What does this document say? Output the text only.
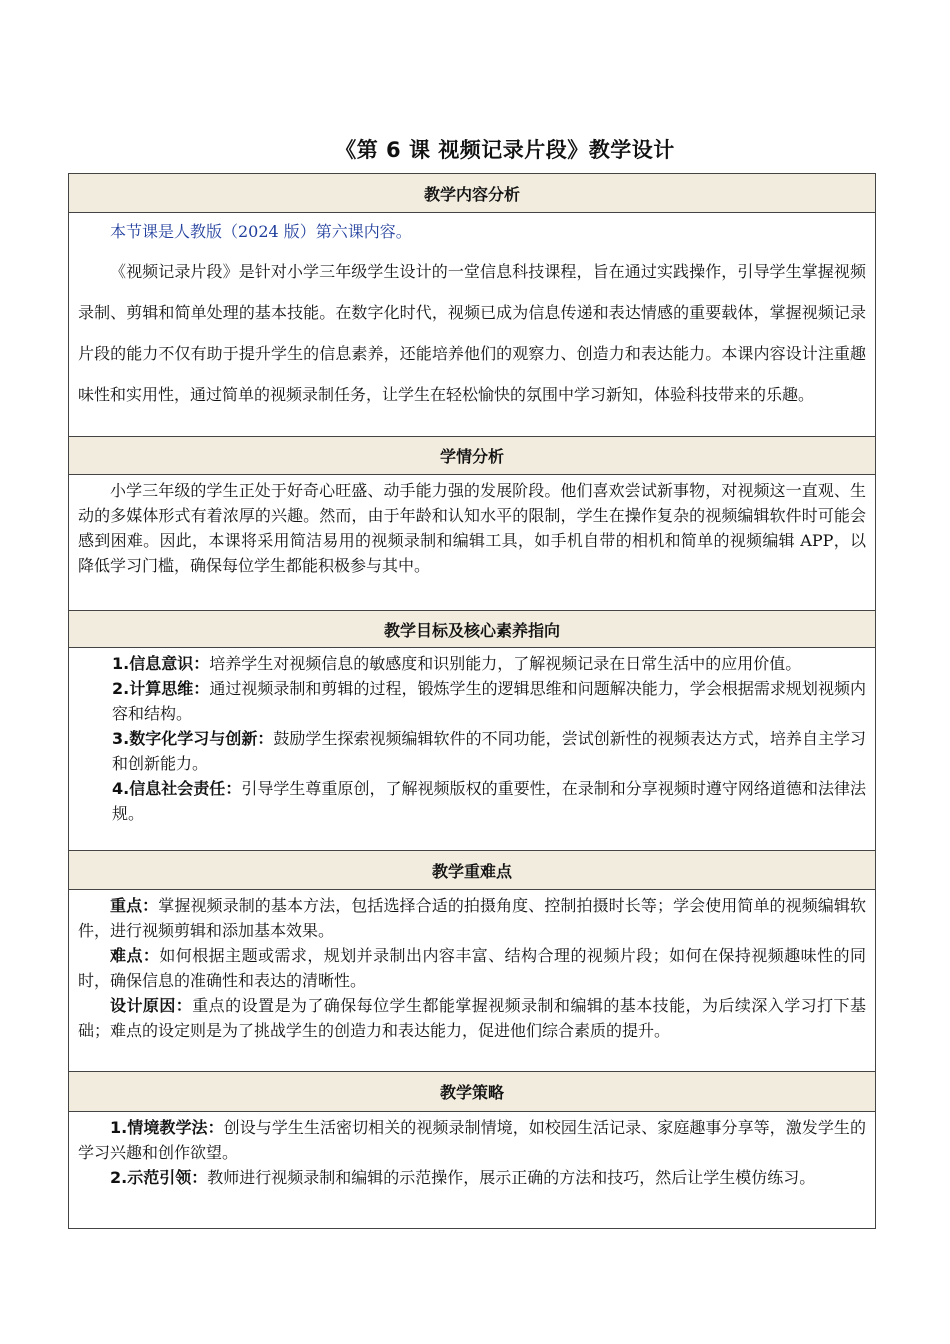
《第 6 课 视频记录片段》教学设计
教学内容分析

本节课是人教版（2024 版）第六课内容。

《视频记录片段》是针对小学三年级学生设计的一堂信息科技课程，旨在通过实践操作，引导学生掌握视频录制、剪辑和简单处理的基本技能。在数字化时代，视频已成为信息传递和表达情感的重要载体，掌握视频记录片段的能力不仅有助于提升学生的信息素养，还能培养他们的观察力、创造力和表达能力。本课内容设计注重趣味性和实用性，通过简单的视频录制任务，让学生在轻松愉快的氛围中学习新知，体验科技带来的乐趣。

学情分析

小学三年级的学生正处于好奇心旺盛、动手能力强的发展阶段。他们喜欢尝试新事物，对视频这一直观、生动的多媒体形式有着浓厚的兴趣。然而，由于年龄和认知水平的限制，学生在操作复杂的视频编辑软件时可能会感到困难。因此，本课将采用简洁易用的视频录制和编辑工具，如手机自带的相机和简单的视频编辑 APP，以降低学习门槛，确保每位学生都能积极参与其中。

教学目标及核心素养指向

1.信息意识：培养学生对视频信息的敏感度和识别能力，了解视频记录在日常生活中的应用价值。

2.计算思维：通过视频录制和剪辑的过程，锻炼学生的逻辑思维和问题解决能力，学会根据需求规划视频内容和结构。

3.数字化学习与创新：鼓励学生探索视频编辑软件的不同功能，尝试创新性的视频表达方式，培养自主学习和创新能力。

4.信息社会责任：引导学生尊重原创，了解视频版权的重要性，在录制和分享视频时遵守网络道德和法律法规。

教学重难点

重点：掌握视频录制的基本方法，包括选择合适的拍摄角度、控制拍摄时长等；学会使用简单的视频编辑软件，进行视频剪辑和添加基本效果。

难点：如何根据主题或需求，规划并录制出内容丰富、结构合理的视频片段；如何在保持视频趣味性的同时，确保信息的准确性和表达的清晰性。

设计原因：重点的设置是为了确保每位学生都能掌握视频录制和编辑的基本技能，为后续深入学习打下基础；难点的设定则是为了挑战学生的创造力和表达能力，促进他们综合素质的提升。

教学策略

1.情境教学法：创设与学生生活密切相关的视频录制情境，如校园生活记录、家庭趣事分享等，激发学生的学习兴趣和创作欲望。

2.示范引领：教师进行视频录制和编辑的示范操作，展示正确的方法和技巧，然后让学生模仿练习。
